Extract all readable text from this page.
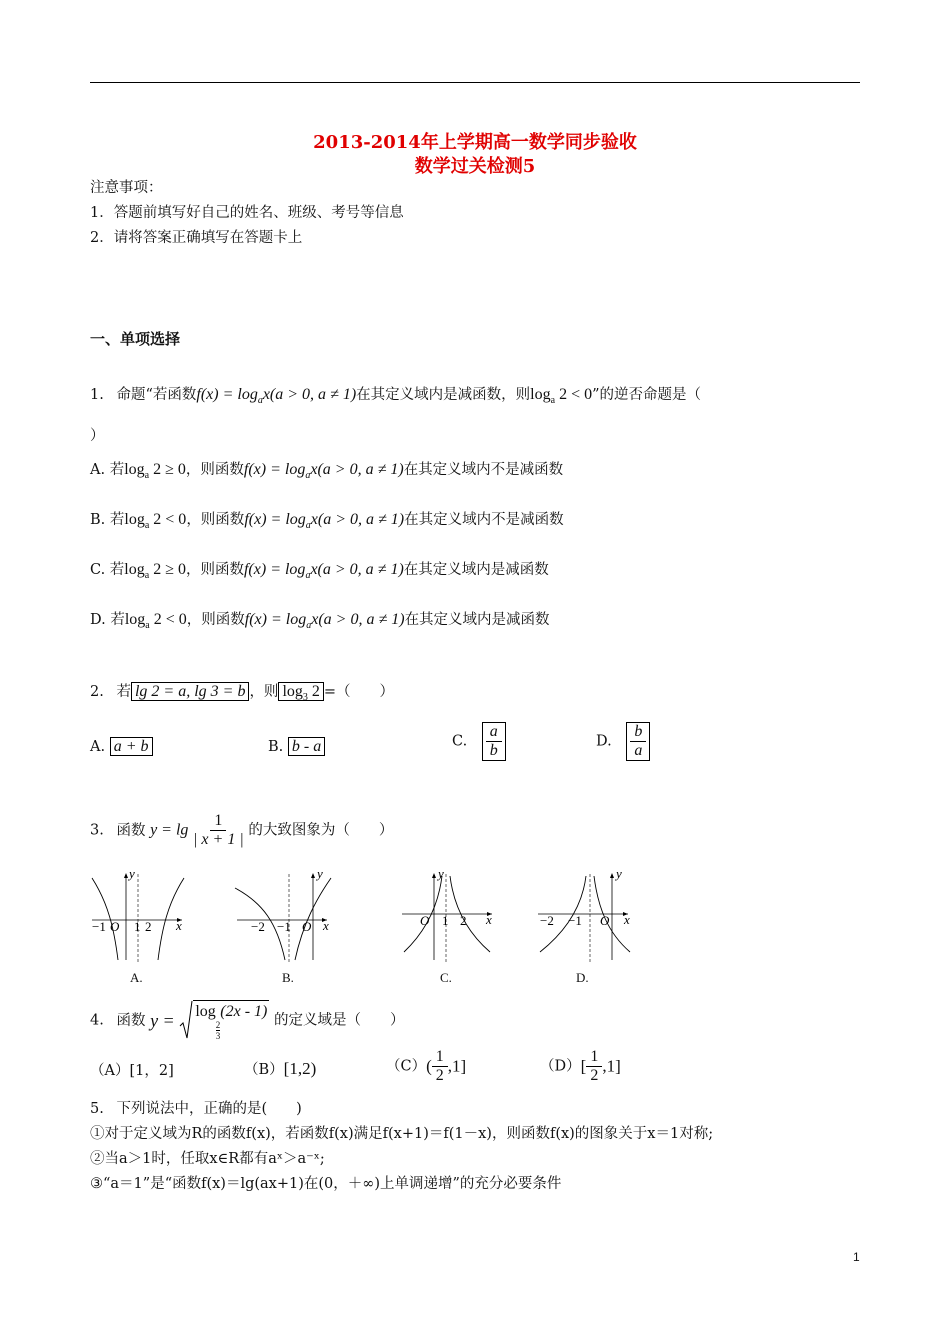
2013-2014年上学期高一数学同步验收
数学过关检测5
注意事项：
1．答题前填写好自己的姓名、班级、考号等信息
2．请将答案正确填写在答题卡上
一、单项选择
1. 命题“若函数$f(x) = \log_ax(a > 0$, a ≠ 1)在其定义域内是减函数，则$\log_a 2 < 0$”的逆否命题是（
）
A. 若$\log_a 2 \ge 0$，则函数$f(x) = \log_ax(a > 0$, a ≠ 1)在其定义域内不是减函数
B. 若$\log_a 2 < 0$，则函数$f(x) = \log_ax(a > 0$, a ≠ 1)在其定义域内不是减函数
C. 若$\log_a 2 \ge 0$，则函数$f(x) = \log_ax(a > 0$, a ≠ 1)在其定义域内是减函数
D. 若$\log_a 2 < 0$，则函数$f(x) = \log_ax(a > 0$, a ≠ 1)在其定义域内是减函数
2. 若 lg 2 = a, lg 3 = b ，则 $\log_3 2$ =（　　）
A. a + b	B. b - a	C. $\frac{a}{b}$	D. $\frac{b}{a}$
3. 函数 $y = \lg \frac{1}{| x + 1 |}$ 的大致图象为（　　）
y
x
O
−1 1 2
y
x
O
−2 −1
y
x
O 1 2
y
x
O
−2 −1
A.	B.	C.	D.
4. 函数 y = log
$\frac{2}{3}$
(2x - 1) 的定义域是（　　）
（A）[1，2]	（B）[1,2)	$(C)( \frac{1}{2} ,1]$	$(D)[ \frac{1}{2} ,1]$
5. 下列说法中，正确的是(　　)
①对于定义域为R的函数f(x)，若函数f(x)满足f(x+1)＝f(1－x)，则函数f(x)的图象关于x＝1对称;
②当a＞1时，任取x∈R都有aˣ＞a⁻ˣ;
③“a＝1”是“函数f(x)＝lg(ax+1)在(0，＋∞)上单调递增”的充分必要条件
1
